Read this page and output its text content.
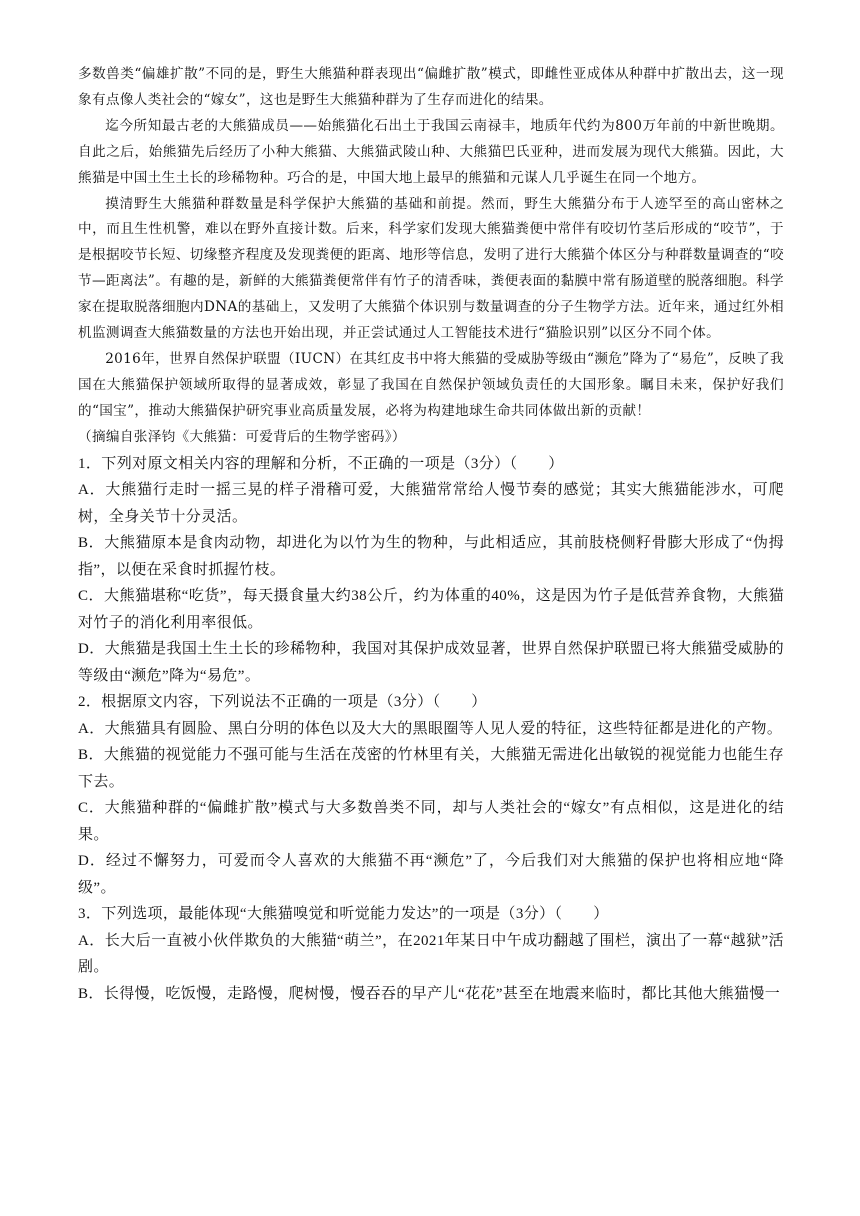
多数兽类“偏雄扩散”不同的是，野生大熊猫种群表现出“偏雌扩散”模式，即雌性亚成体从种群中扩散出去，这一现象有点像人类社会的“嫁女”，这也是野生大熊猫种群为了生存而进化的结果。

迄今所知最古老的大熊猫成员——始熊猫化石出土于我国云南禄丰，地质年代约为800万年前的中新世晚期。自此之后，始熊猫先后经历了小种大熊猫、大熊猫武陵山种、大熊猫巴氏亚种，进而发展为现代大熊猫。因此，大熊猫是中国土生土长的珍稀物种。巧合的是，中国大地上最早的熊猫和元谋人几乎诞生在同一个地方。

摸清野生大熊猫种群数量是科学保护大熊猫的基础和前提。然而，野生大熊猫分布于人迹罕至的高山密林之中，而且生性机警，难以在野外直接计数。后来，科学家们发现大熊猫粪便中常伴有咬切竹茎后形成的“咬节”，于是根据咬节长短、切缘整齐程度及发现粪便的距离、地形等信息，发明了进行大熊猫个体区分与种群数量调查的“咬节—距离法”。有趣的是，新鲜的大熊猫粪便常伴有竹子的清香味，粪便表面的黏膜中常有肠道壁的脱落细胞。科学家在提取脱落细胞内DNA的基础上，又发明了大熊猫个体识别与数量调查的分子生物学方法。近年来，通过红外相机监测调查大熊猫数量的方法也开始出现，并正尝试通过人工智能技术进行“猫脸识别”以区分不同个体。

2016年，世界自然保护联盟（IUCN）在其红皮书中将大熊猫的受威胁等级由“濒危”降为了“易危”，反映了我国在大熊猫保护领域所取得的显著成效，彰显了我国在自然保护领域负责任的大国形象。瞩目未来，保护好我们的“国宝”，推动大熊猫保护研究事业高质量发展，必将为构建地球生命共同体做出新的贡献！

（摘编自张泽钧《大熊猫：可爱背后的生物学密码》）

1．下列对原文相关内容的理解和分析，不正确的一项是（3分）（　　）

A．大熊猫行走时一摇三晃的样子滑稽可爱，大熊猫常常给人慢节奏的感觉；其实大熊猫能涉水，可爬树，全身关节十分灵活。

B．大熊猫原本是食肉动物，却进化为以竹为生的物种，与此相适应，其前肢桡侧籽骨膨大形成了“伪拇指”，以便在采食时抓握竹枝。

C．大熊猫堪称“吃货”，每天摄食量大约38公斤，约为体重的40%，这是因为竹子是低营养食物，大熊猫对竹子的消化利用率很低。

D．大熊猫是我国土生土长的珍稀物种，我国对其保护成效显著，世界自然保护联盟已将大熊猫受威胁的等级由“濒危”降为“易危”。

2．根据原文内容，下列说法不正确的一项是（3分）（　　）

A．大熊猫具有圆脸、黑白分明的体色以及大大的黑眼圈等人见人爱的特征，这些特征都是进化的产物。

B．大熊猫的视觉能力不强可能与生活在茂密的竹林里有关，大熊猫无需进化出敏锐的视觉能力也能生存下去。

C．大熊猫种群的“偏雌扩散”模式与大多数兽类不同，却与人类社会的“嫁女”有点相似，这是进化的结果。

D．经过不懈努力，可爱而令人喜欢的大熊猫不再“濒危”了，今后我们对大熊猫的保护也将相应地“降级”。

3．下列选项，最能体现“大熊猫嗅觉和听觉能力发达”的一项是（3分）（　　）

A．长大后一直被小伙伴欺负的大熊猫“萌兰”，在2021年某日中午成功翻越了围栏，演出了一幕“越狱”活剧。

B．长得慢，吃饭慢，走路慢，爬树慢，慢吞吞的早产儿“花花”甚至在地震来临时，都比其他大熊猫慢一
